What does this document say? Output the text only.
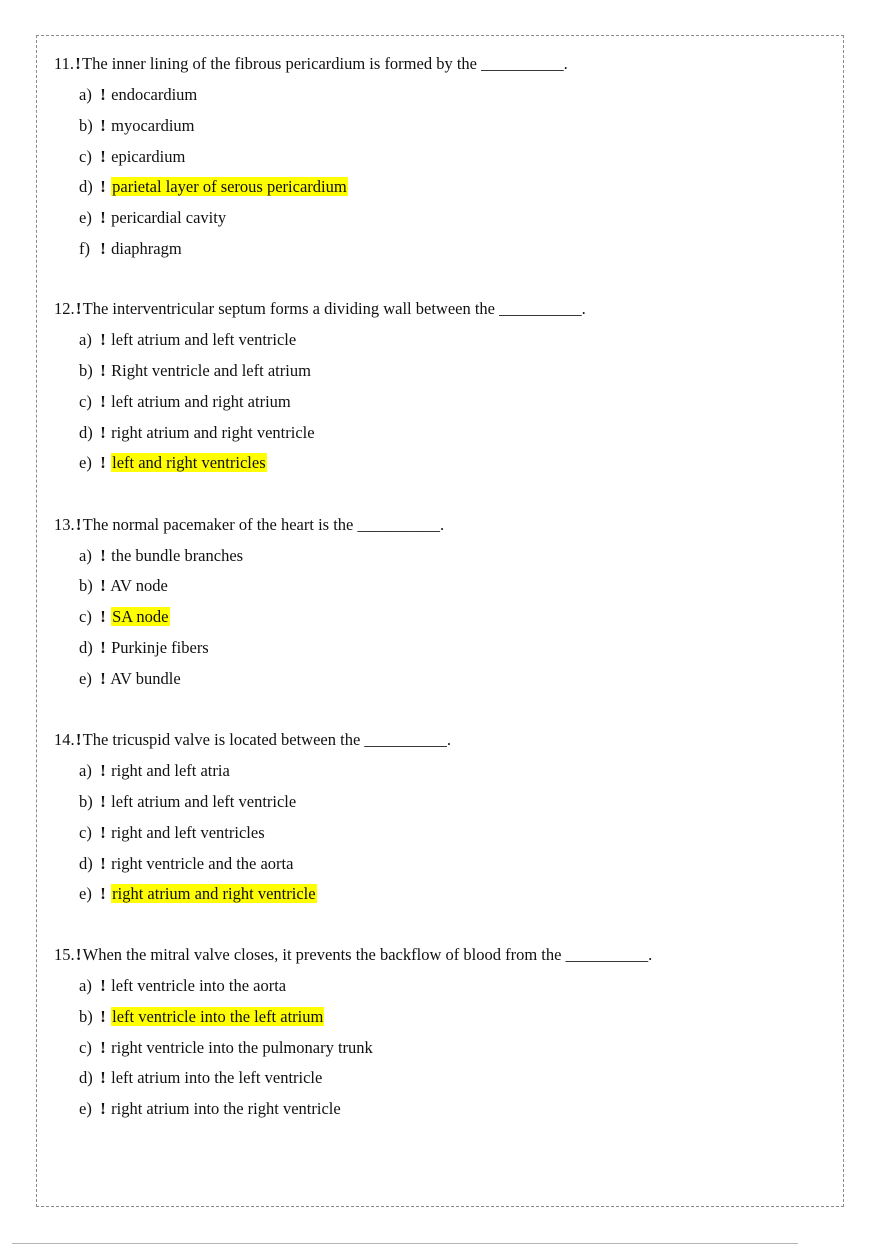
11.!The inner lining of the fibrous pericardium is formed by the __________.
a) ! endocardium
b) ! myocardium
c) ! epicardium
d) ! parietal layer of serous pericardium
e) ! pericardial cavity
f) ! diaphragm
12.!The interventricular septum forms a dividing wall between the __________.
a) ! left atrium and left ventricle
b) ! Right ventricle and left atrium
c) ! left atrium and right atrium
d) ! right atrium and right ventricle
e) ! left and right ventricles
13.!The normal pacemaker of the heart is the __________.
a) ! the bundle branches
b) ! AV node
c) ! SA node
d) ! Purkinje fibers
e) ! AV bundle
14.!The tricuspid valve is located between the __________.
a) ! right and left atria
b) ! left atrium and left ventricle
c) ! right and left ventricles
d) ! right ventricle and the aorta
e) ! right atrium and right ventricle
15.!When the mitral valve closes, it prevents the backflow of blood from the __________.
a) ! left ventricle into the aorta
b) ! left ventricle into the left atrium
c) ! right ventricle into the pulmonary trunk
d) ! left atrium into the left ventricle
e) ! right atrium into the right ventricle
